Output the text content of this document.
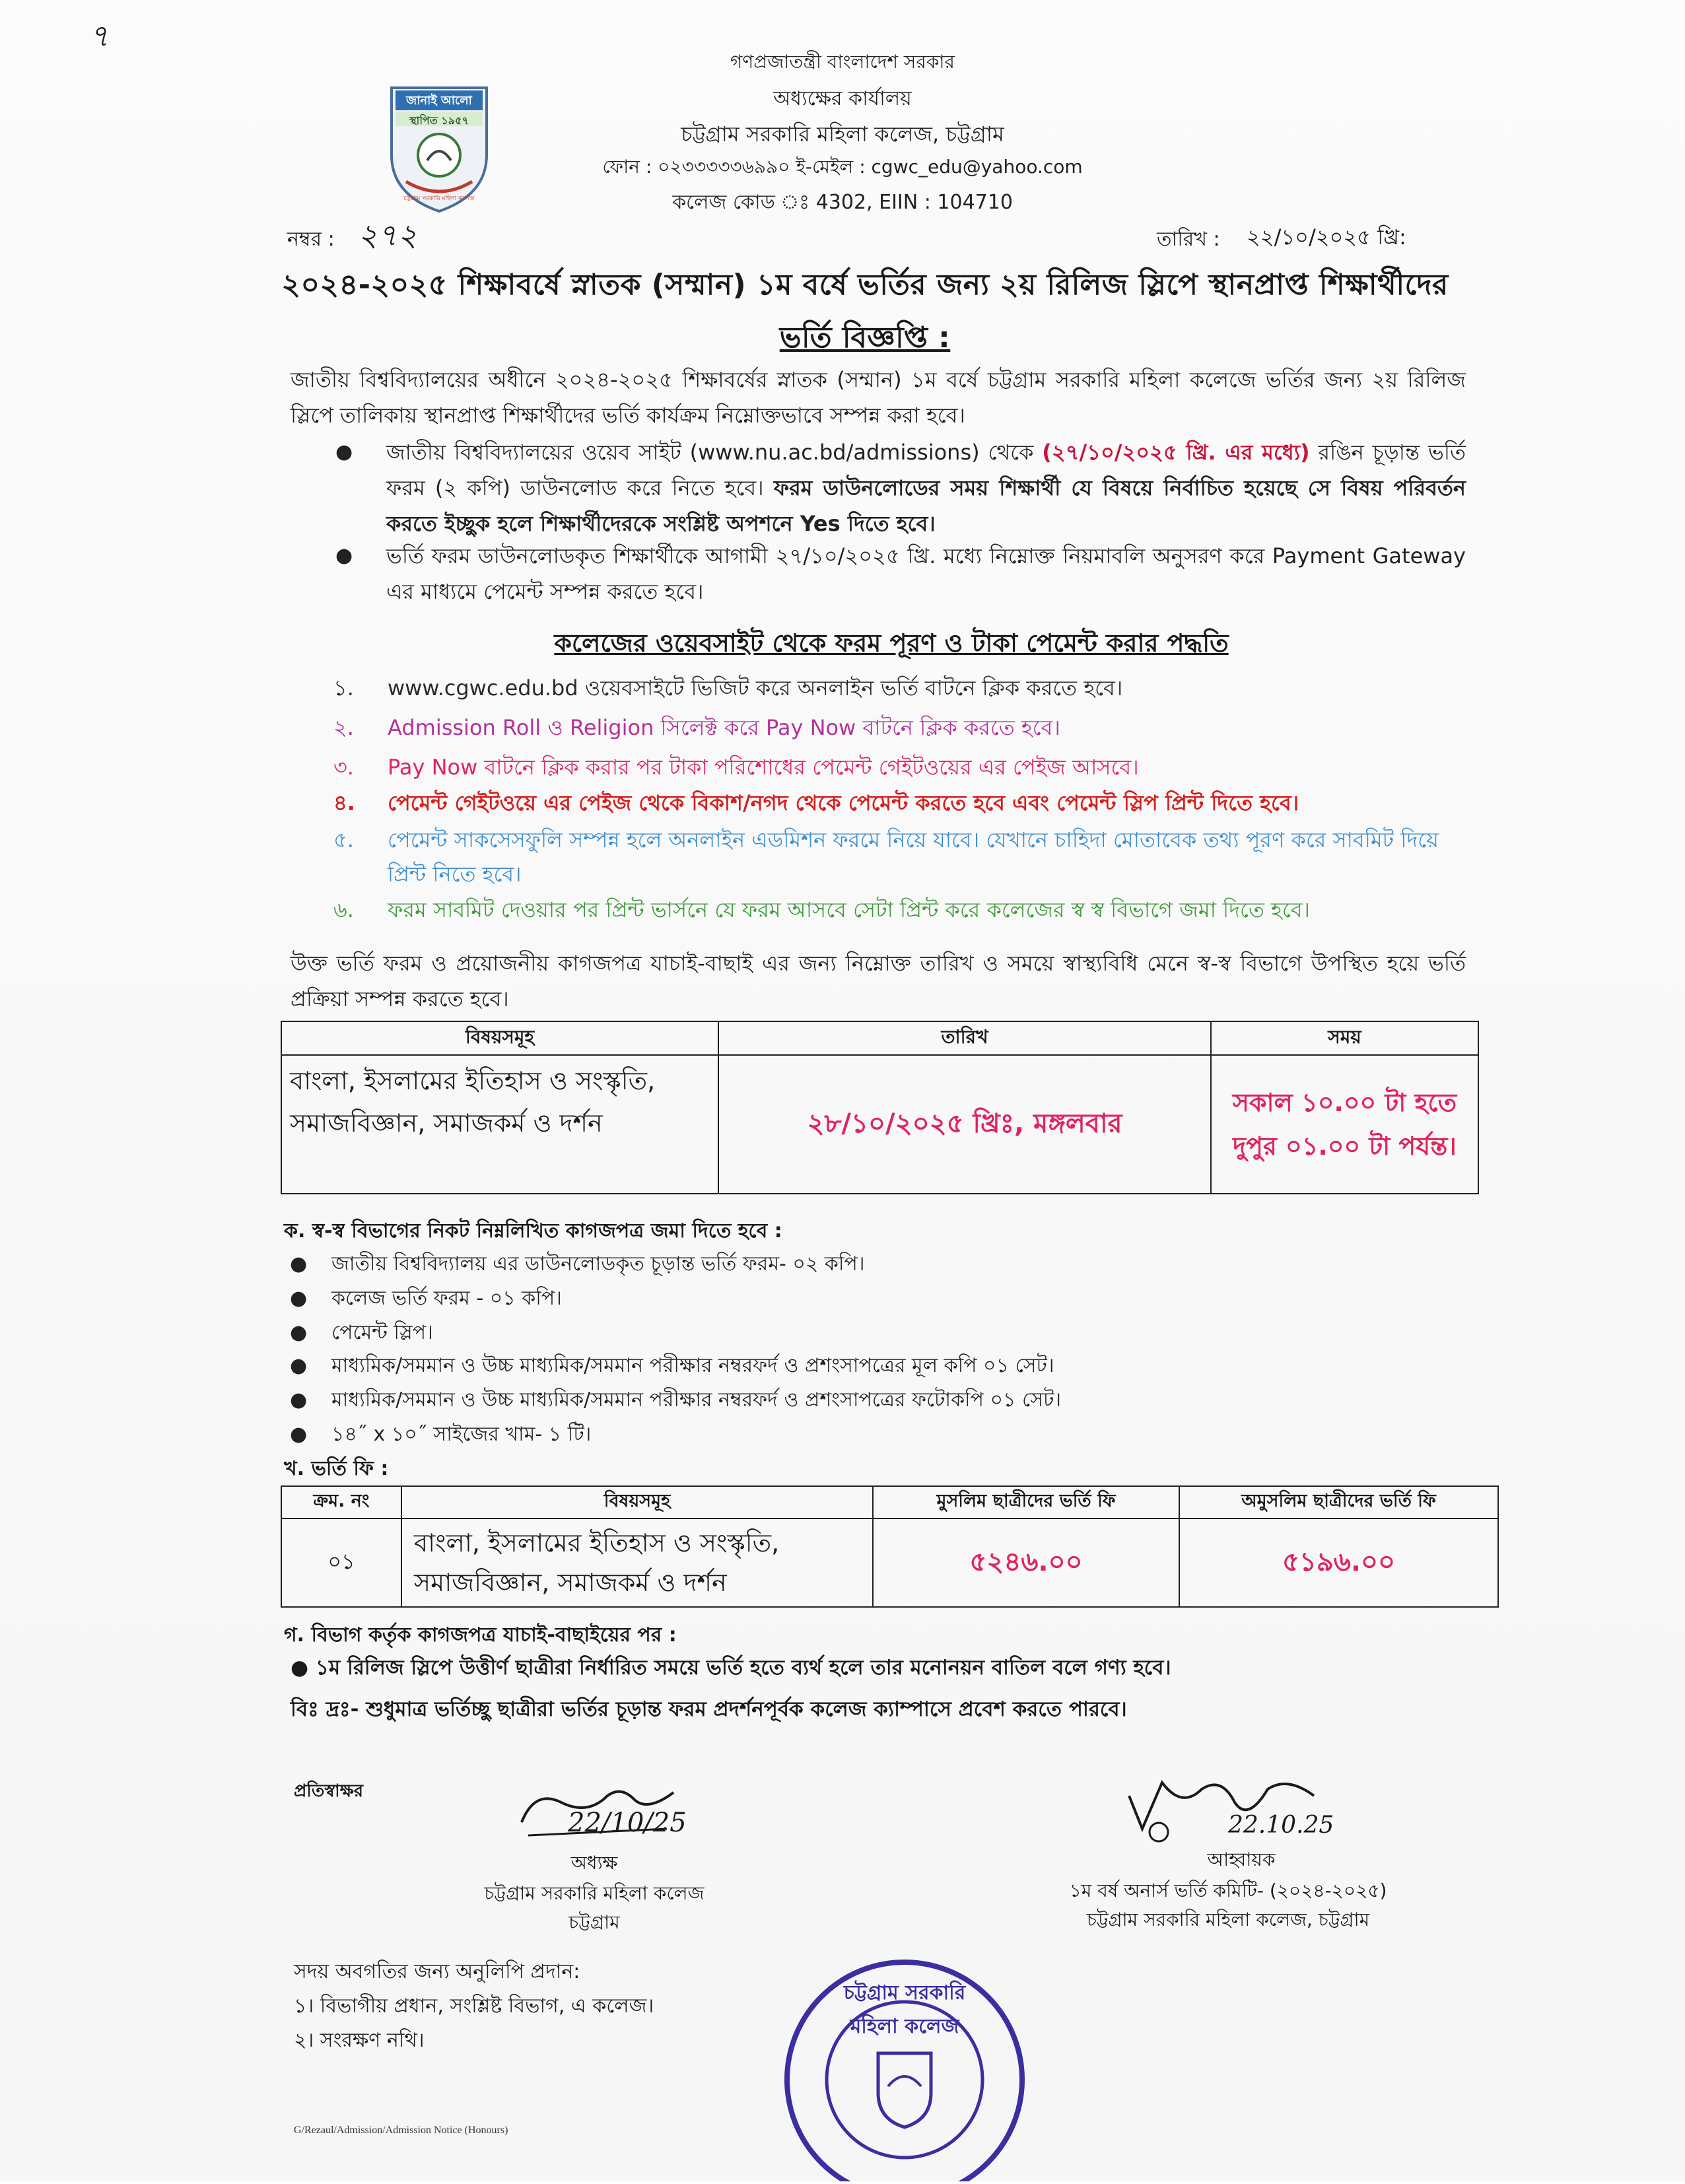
৭
জানাই আলো
স্থাপিত ১৯৫৭
চট্টগ্রাম সরকারি মহিলা কলেজ
গণপ্রজাতন্ত্রী বাংলাদেশ সরকার
অধ্যক্ষের কার্যালয়
চট্টগ্রাম সরকারি মহিলা কলেজ, চট্টগ্রাম
ফোন : ০২৩৩৩৩৩৬৯৯০ ই-মেইল : cgwc_edu@yahoo.com
কলেজ কোড ঃ 4302, EIIN : 104710
নম্বর : ২৭২	তারিখ : ২২/১০/২০২৫ খ্রি:
২০২৪-২০২৫ শিক্ষাবর্ষে স্নাতক (সম্মান) ১ম বর্ষে ভর্তির জন্য ২য় রিলিজ স্লিপে স্থানপ্রাপ্ত শিক্ষার্থীদের
ভর্তি বিজ্ঞপ্তি :
জাতীয় বিশ্ববিদ্যালয়ের অধীনে ২০২৪-২০২৫ শিক্ষাবর্ষের স্নাতক (সম্মান) ১ম বর্ষে চট্টগ্রাম সরকারি মহিলা কলেজে ভর্তির জন্য ২য় রিলিজ স্লিপে তালিকায় স্থানপ্রাপ্ত শিক্ষার্থীদের ভর্তি কার্যক্রম নিম্নোক্তভাবে সম্পন্ন করা হবে।
●	জাতীয় বিশ্ববিদ্যালয়ের ওয়েব সাইট (www.nu.ac.bd/admissions) থেকে (২৭/১০/২০২৫ খ্রি. এর মধ্যে) রঙিন চূড়ান্ত ভর্তি ফরম (২ কপি) ডাউনলোড করে নিতে হবে। ফরম ডাউনলোডের সময় শিক্ষার্থী যে বিষয়ে নির্বাচিত হয়েছে সে বিষয় পরিবর্তন করতে ইচ্ছুক হলে শিক্ষার্থীদেরকে সংশ্লিষ্ট অপশনে Yes দিতে হবে।
●	ভর্তি ফরম ডাউনলোডকৃত শিক্ষার্থীকে আগামী ২৭/১০/২০২৫ খ্রি. মধ্যে নিম্নোক্ত নিয়মাবলি অনুসরণ করে Payment Gateway এর মাধ্যমে পেমেন্ট সম্পন্ন করতে হবে।
কলেজের ওয়েবসাইট থেকে ফরম পূরণ ও টাকা পেমেন্ট করার পদ্ধতি
১. www.cgwc.edu.bd ওয়েবসাইটে ভিজিট করে অনলাইন ভর্তি বাটনে ক্লিক করতে হবে।
২. Admission Roll ও Religion সিলেক্ট করে Pay Now বাটনে ক্লিক করতে হবে।
৩. Pay Now বাটনে ক্লিক করার পর টাকা পরিশোধের পেমেন্ট গেইটওয়ের এর পেইজ আসবে।
৪. পেমেন্ট গেইটওয়ে এর পেইজ থেকে বিকাশ/নগদ থেকে পেমেন্ট করতে হবে এবং পেমেন্ট স্লিপ প্রিন্ট দিতে হবে।
৫. পেমেন্ট সাকসেসফুলি সম্পন্ন হলে অনলাইন এডমিশন ফরমে নিয়ে যাবে। যেখানে চাহিদা মোতাবেক তথ্য পূরণ করে সাবমিট দিয়ে প্রিন্ট নিতে হবে।
৬. ফরম সাবমিট দেওয়ার পর প্রিন্ট ভার্সনে যে ফরম আসবে সেটা প্রিন্ট করে কলেজের স্ব স্ব বিভাগে জমা দিতে হবে।
উক্ত ভর্তি ফরম ও প্রয়োজনীয় কাগজপত্র যাচাই-বাছাই এর জন্য নিম্নোক্ত তারিখ ও সময়ে স্বাস্থ্যবিধি মেনে স্ব-স্ব বিভাগে উপস্থিত হয়ে ভর্তি প্রক্রিয়া সম্পন্ন করতে হবে।
বিষয়সমূহ	তারিখ	সময়
বাংলা, ইসলামের ইতিহাস ও সংস্কৃতি, সমাজবিজ্ঞান, সমাজকর্ম ও দর্শন	২৮/১০/২০২৫ খ্রিঃ, মঙ্গলবার	সকাল ১০.০০ টা হতে
দুপুর ০১.০০ টা পর্যন্ত।
ক. স্ব-স্ব বিভাগের নিকট নিম্নলিখিত কাগজপত্র জমা দিতে হবে :
● জাতীয় বিশ্ববিদ্যালয় এর ডাউনলোডকৃত চূড়ান্ত ভর্তি ফরম- ০২ কপি।
● কলেজ ভর্তি ফরম - ০১ কপি।
● পেমেন্ট স্লিপ।
● মাধ্যমিক/সমমান ও উচ্চ মাধ্যমিক/সমমান পরীক্ষার নম্বরফর্দ ও প্রশংসাপত্রের মূল কপি ০১ সেট।
● মাধ্যমিক/সমমান ও উচ্চ মাধ্যমিক/সমমান পরীক্ষার নম্বরফর্দ ও প্রশংসাপত্রের ফটোকপি ০১ সেট।
● ১৪˝ x ১০˝ সাইজের খাম- ১ টি।
খ. ভর্তি ফি :
ক্রম. নং	বিষয়সমূহ	মুসলিম ছাত্রীদের ভর্তি ফি	অমুসলিম ছাত্রীদের ভর্তি ফি
০১	বাংলা, ইসলামের ইতিহাস ও সংস্কৃতি, সমাজবিজ্ঞান, সমাজকর্ম ও দর্শন	৫২৪৬.০০	৫১৯৬.০০
গ. বিভাগ কর্তৃক কাগজপত্র যাচাই-বাছাইয়ের পর :
● ১ম রিলিজ স্লিপে উত্তীর্ণ ছাত্রীরা নির্ধারিত সময়ে ভর্তি হতে ব্যর্থ হলে তার মনোনয়ন বাতিল বলে গণ্য হবে।
বিঃ দ্রঃ- শুধুমাত্র ভর্তিচ্ছু ছাত্রীরা ভর্তির চূড়ান্ত ফরম প্রদর্শনপূর্বক কলেজ ক্যাম্পাসে প্রবেশ করতে পারবে।
প্রতিস্বাক্ষর
22/10/25
অধ্যক্ষ
চট্টগ্রাম সরকারি মহিলা কলেজ
চট্টগ্রাম
22.10.25
আহ্বায়ক
১ম বর্ষ অনার্স ভর্তি কমিটি- (২০২৪-২০২৫)
চট্টগ্রাম সরকারি মহিলা কলেজ, চট্টগ্রাম
সদয় অবগতির জন্য অনুলিপি প্রদান:
১। বিভাগীয় প্রধান, সংশ্লিষ্ট বিভাগ, এ কলেজ।
২। সংরক্ষণ নথি।
চট্টগ্রাম সরকারি মহিলা কলেজ
G/Rezaul/Admission/Admission Notice (Honours)
